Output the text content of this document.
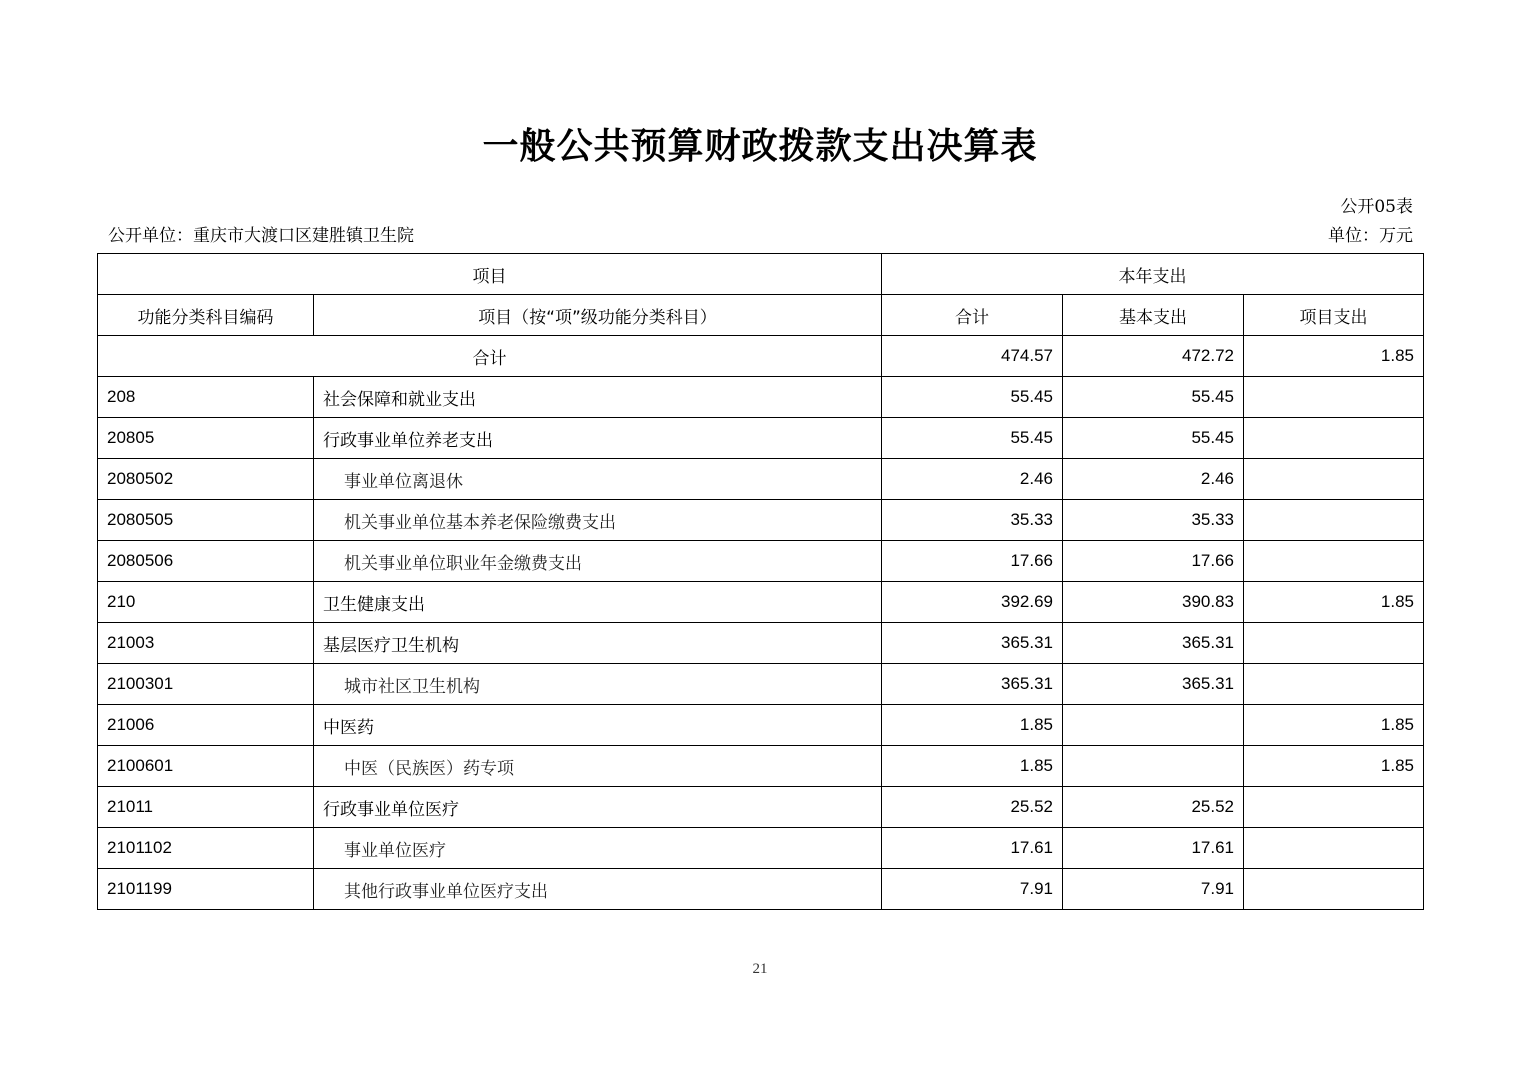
一般公共预算财政拨款支出决算表
公开05表
公开单位：重庆市大渡口区建胜镇卫生院	单位：万元
项目		本年支出		
功能分类科目编码	项目（按“项”级功能分类科目）	合计	基本支出	项目支出
合计		474.57	472.72	1.85
208	社会保障和就业支出	55.45	55.45	
20805	行政事业单位养老支出	55.45	55.45	
2080502	事业单位离退休	2.46	2.46	
2080505	机关事业单位基本养老保险缴费支出	35.33	35.33	
2080506	机关事业单位职业年金缴费支出	17.66	17.66	
210	卫生健康支出	392.69	390.83	1.85
21003	基层医疗卫生机构	365.31	365.31	
2100301	城市社区卫生机构	365.31	365.31	
21006	中医药	1.85		1.85
2100601	中医（民族医）药专项	1.85		1.85
21011	行政事业单位医疗	25.52	25.52	
2101102	事业单位医疗	17.61	17.61	
2101199	其他行政事业单位医疗支出	7.91	7.91	
21
